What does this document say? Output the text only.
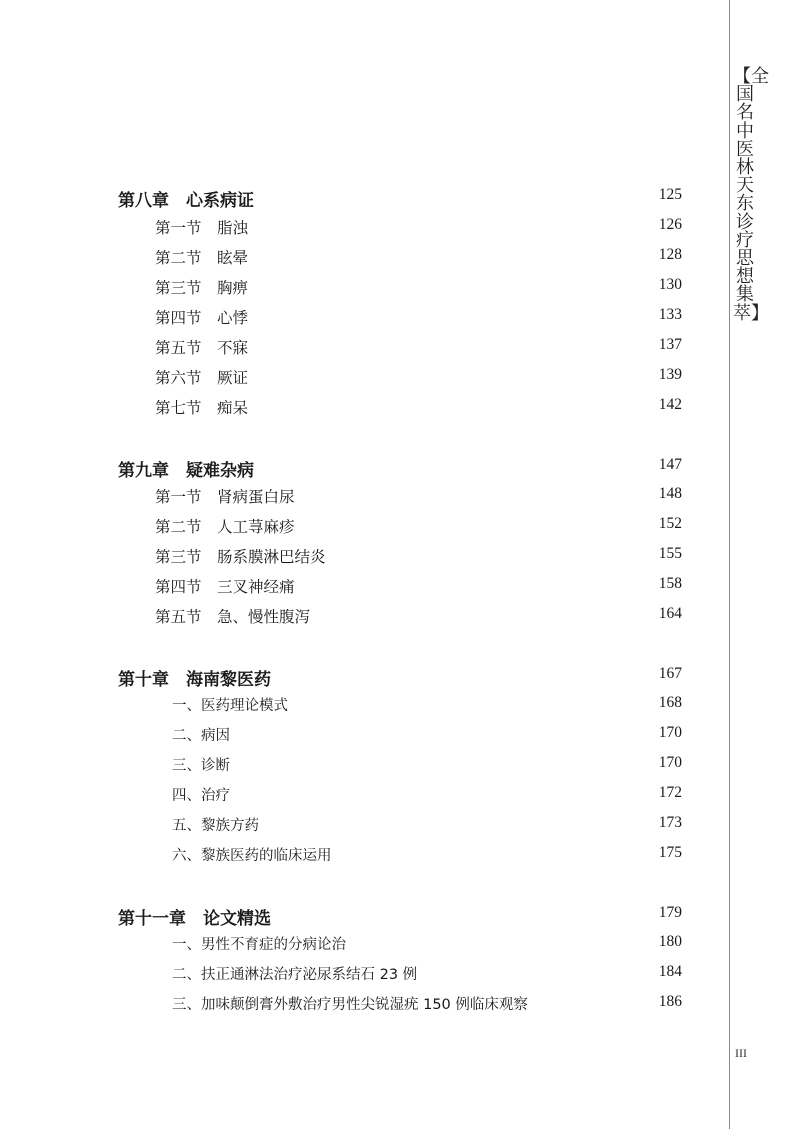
【全国名中医林天东诊疗思想集萃】
III
第八章　心系病证	125
第一节　脂浊	126
第二节　眩晕	128
第三节　胸痹	130
第四节　心悸	133
第五节　不寐	137
第六节　厥证	139
第七节　痴呆	142
第九章　疑难杂病	147
第一节　肾病蛋白尿	148
第二节　人工荨麻疹	152
第三节　肠系膜淋巴结炎	155
第四节　三叉神经痛	158
第五节　急、慢性腹泻	164
第十章　海南黎医药	167
一、医药理论模式	168
二、病因	170
三、诊断	170
四、治疗	172
五、黎族方药	173
六、黎族医药的临床运用	175
第十一章　论文精选	179
一、男性不育症的分病论治	180
二、扶正通淋法治疗泌尿系结石 23 例	184
三、加味颠倒膏外敷治疗男性尖锐湿疣 150 例临床观察	186
